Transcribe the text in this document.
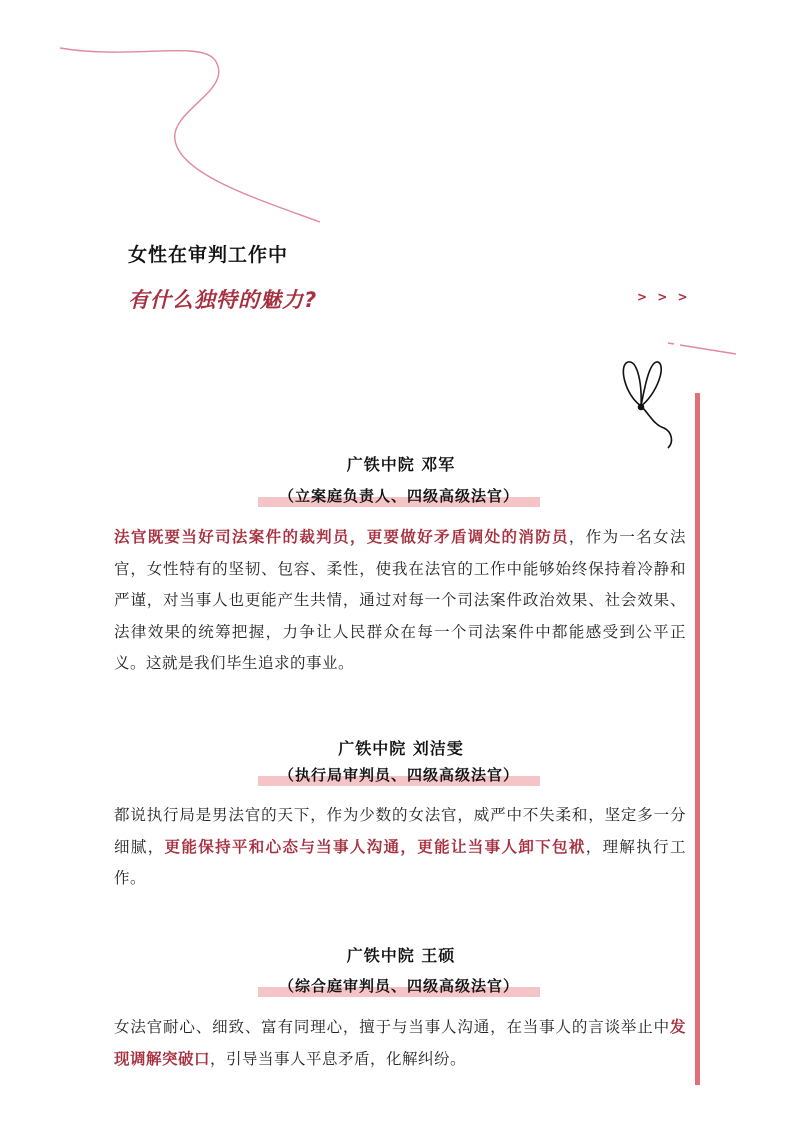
女性在审判工作中
有什么独特的魅力?	> > >
广铁中院 邓军
（立案庭负责人、四级高级法官）

法官既要当好司法案件的裁判员，更要做好矛盾调处的消防员，作为一名女法官，女性特有的坚韧、包容、柔性，使我在法官的工作中能够始终保持着冷静和严谨，对当事人也更能产生共情，通过对每一个司法案件政治效果、社会效果、法律效果的统筹把握，力争让人民群众在每一个司法案件中都能感受到公平正义。这就是我们毕生追求的事业。

广铁中院 刘洁雯
（执行局审判员、四级高级法官）

都说执行局是男法官的天下，作为少数的女法官，威严中不失柔和，坚定多一分细腻，更能保持平和心态与当事人沟通，更能让当事人卸下包袱，理解执行工作。

广铁中院 王硕
（综合庭审判员、四级高级法官）

女法官耐心、细致、富有同理心，擅于与当事人沟通，在当事人的言谈举止中发现调解突破口，引导当事人平息矛盾，化解纠纷。
